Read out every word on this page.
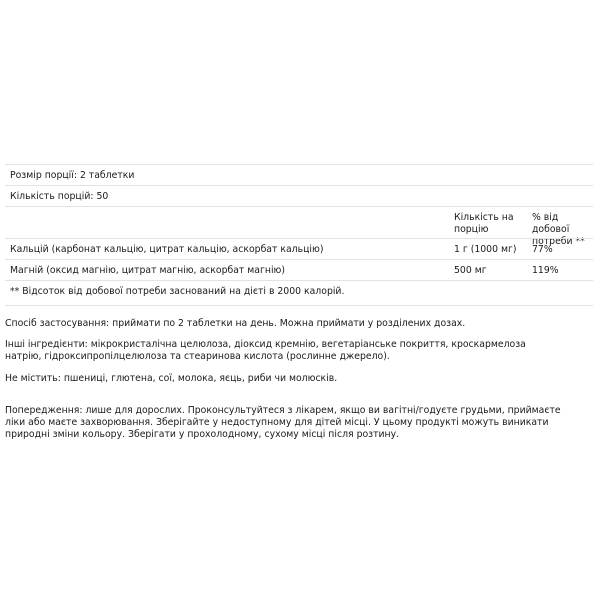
Розмір порції: 2 таблетки
Кількість порцій: 50
Кількість на порцію
% від добової потреби **
Кальцій (карбонат кальцію, цитрат кальцію, аскорбат кальцію)	1 г (1000 мг) 77%
Магній (оксид магнію, цитрат магнію, аскорбат магнію)	500 мг	119%
** Відсоток від добової потреби заснований на дієті в 2000 калорій.

Спосіб застосування: приймати по 2 таблетки на день. Можна приймати у розділених дозах.

Інші інгредієнти: мікрокристалічна целюлоза, діоксид кремнію, вегетаріанське покриття, кроскармелоза натрію, гідроксипропілцелюлоза та стеаринова кислота (рослинне джерело).

Не містить: пшениці, глютена, сої, молока, яєць, риби чи молюсків.

Попередження: лише для дорослих. Проконсультуйтеся з лікарем, якщо ви вагітні/годуєте грудьми, приймаєте ліки або маєте захворювання. Зберігайте у недоступному для дітей місці. У цьому продукті можуть виникати природні зміни кольору. Зберігати у прохолодному, сухому місці після розтину.
